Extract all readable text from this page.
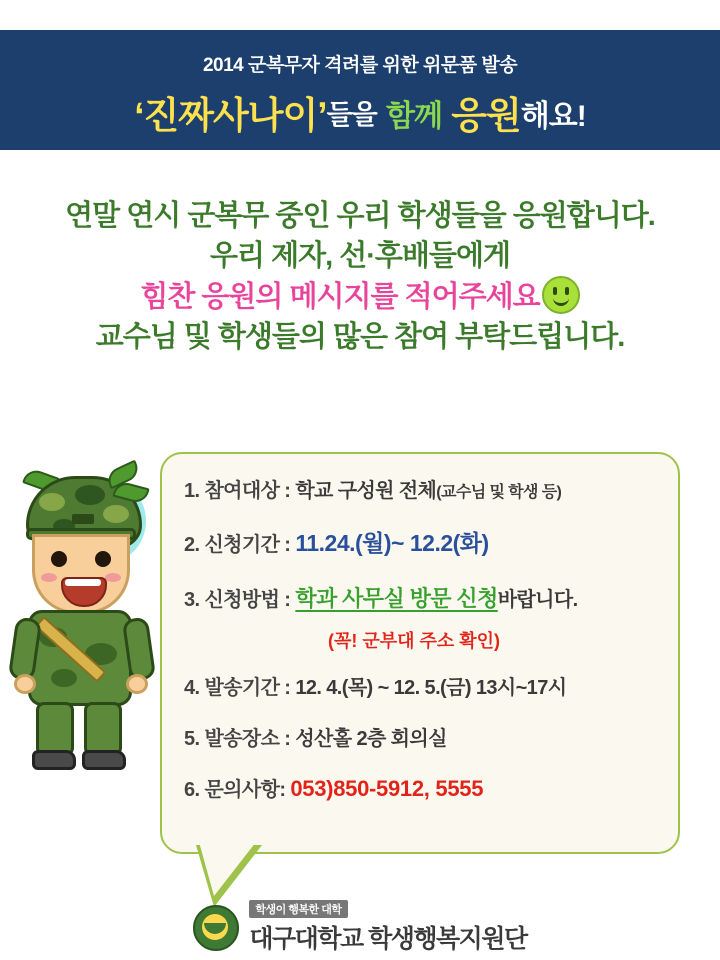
2014 군복무자 격려를 위한 위문품 발송
‘진짜사나이’들을 함께 응원해요!
연말 연시 군복무 중인 우리 학생들을 응원합니다.
우리 제자, 선·후배들에게
힘찬 응원의 메시지를 적어주세요
교수님 및 학생들의 많은 참여 부탁드립니다.
1. 참여대상 : 학교 구성원 전체(교수님 및 학생 등)
2. 신청기간 : 11.24.(월)~ 12.2(화)
3. 신청방법 : 학과 사무실 방문 신청바랍니다.
(꼭! 군부대 주소 확인)
4. 발송기간 : 12. 4.(목) ~ 12. 5.(금) 13시~17시
5. 발송장소 : 성산홀 2층 회의실
6. 문의사항: 053)850-5912, 5555
학생이 행복한 대학
대구대학교 학생행복지원단
